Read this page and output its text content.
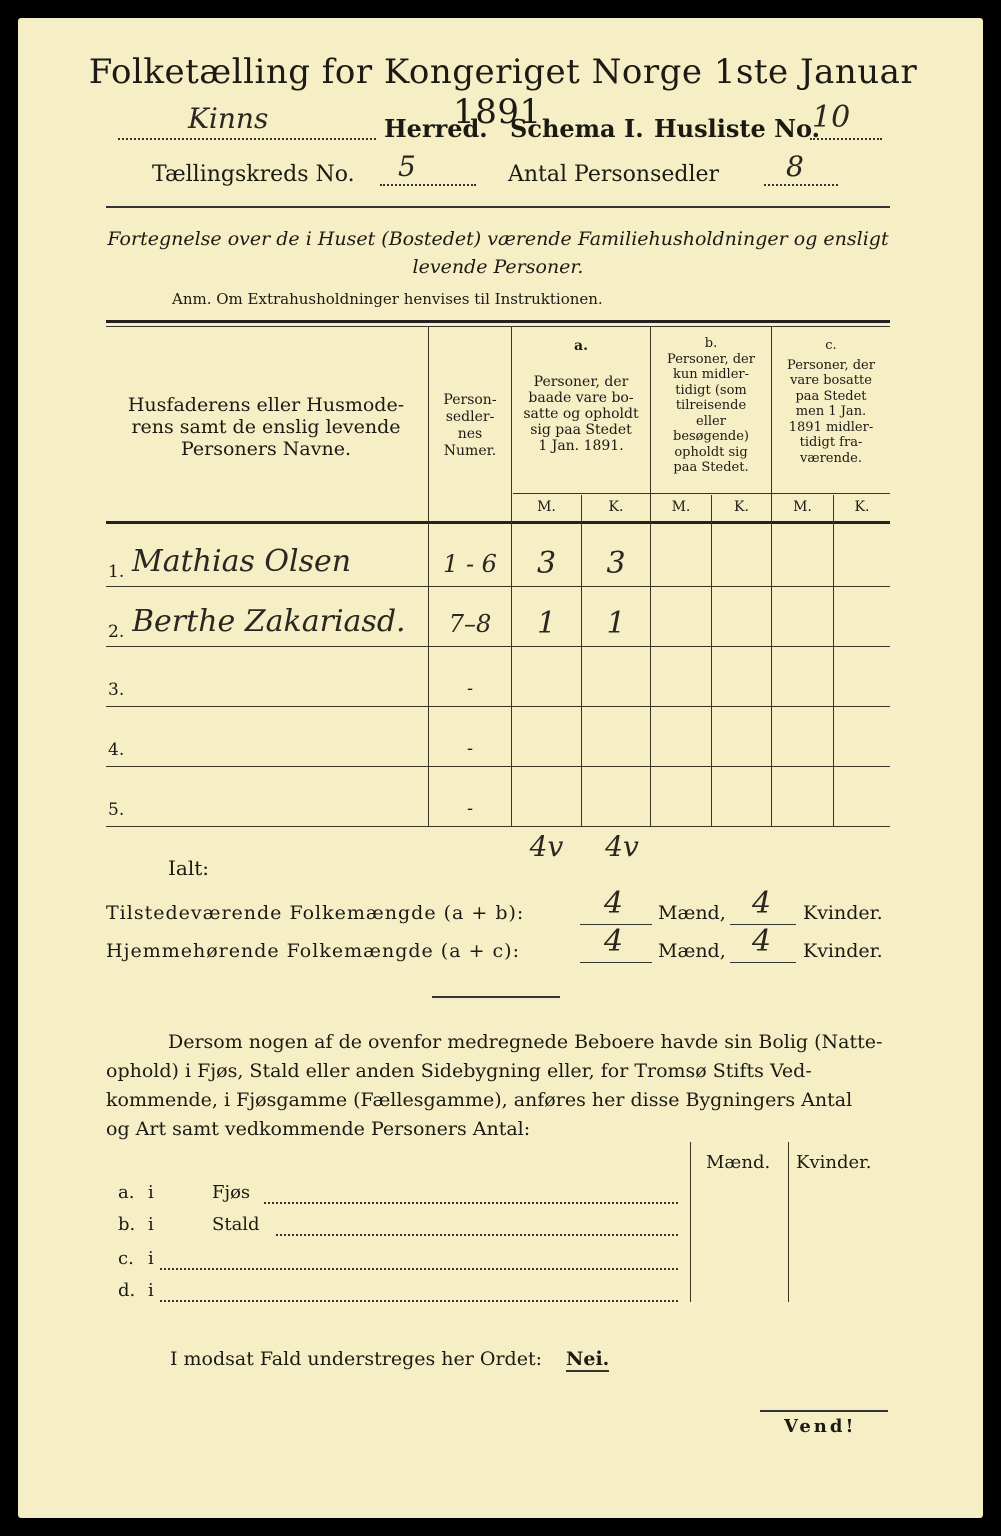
Folketælling for Kongeriget Norge 1ste Januar 1891.
Kinns	Herred. Schema I. Husliste No.
10
Tællingskreds No. 5	Antal Personsedler 8
Fortegnelse over de i Huset (Bostedet) værende Familiehusholdninger og ensligt
levende Personer.
Anm. Om Extrahusholdninger henvises til Instruktionen.
Husfaderens eller Husmode-
rens samt de enslig levende
Personers Navne.
Person-
sedler-
nes
Numer.
a.
Personer, der
baade vare bo-
satte og opholdt
sig paa Stedet
1 Jan. 1891.
b.
Personer, der
kun midler-
tidigt (som
tilreisende
eller
besøgende)
opholdt sig
paa Stedet.
c.
Personer, der
vare bosatte
paa Stedet
men 1 Jan.
1891 midler-
tidigt fra-
værende.
M.	K.	M.	K.	M.	K.
1. Mathias Olsen	1 - 6	3	3
2. Berthe Zakariasd.	7–8	1	1
3.	-
4.	-
5.	-
Ialt:
4v	4v
Tilstedeværende Folkemængde (a + b):	4 Mænd, 4 Kvinder.
Hjemmehørende Folkemængde (a + c):	4 Mænd, 4 Kvinder.
Dersom nogen af de ovenfor medregnede Beboere havde sin Bolig (Natte-
ophold) i Fjøs, Stald eller anden Sidebygning eller, for Tromsø Stifts Ved-
kommende, i Fjøsgamme (Fællesgamme), anføres her disse Bygningers Antal
og Art samt vedkommende Personers Antal:
Mænd. Kvinder.
a. i	Fjøs
b. i	Stald
c. i
d. i
I modsat Fald understreges her Ordet: Nei.
Vend!
